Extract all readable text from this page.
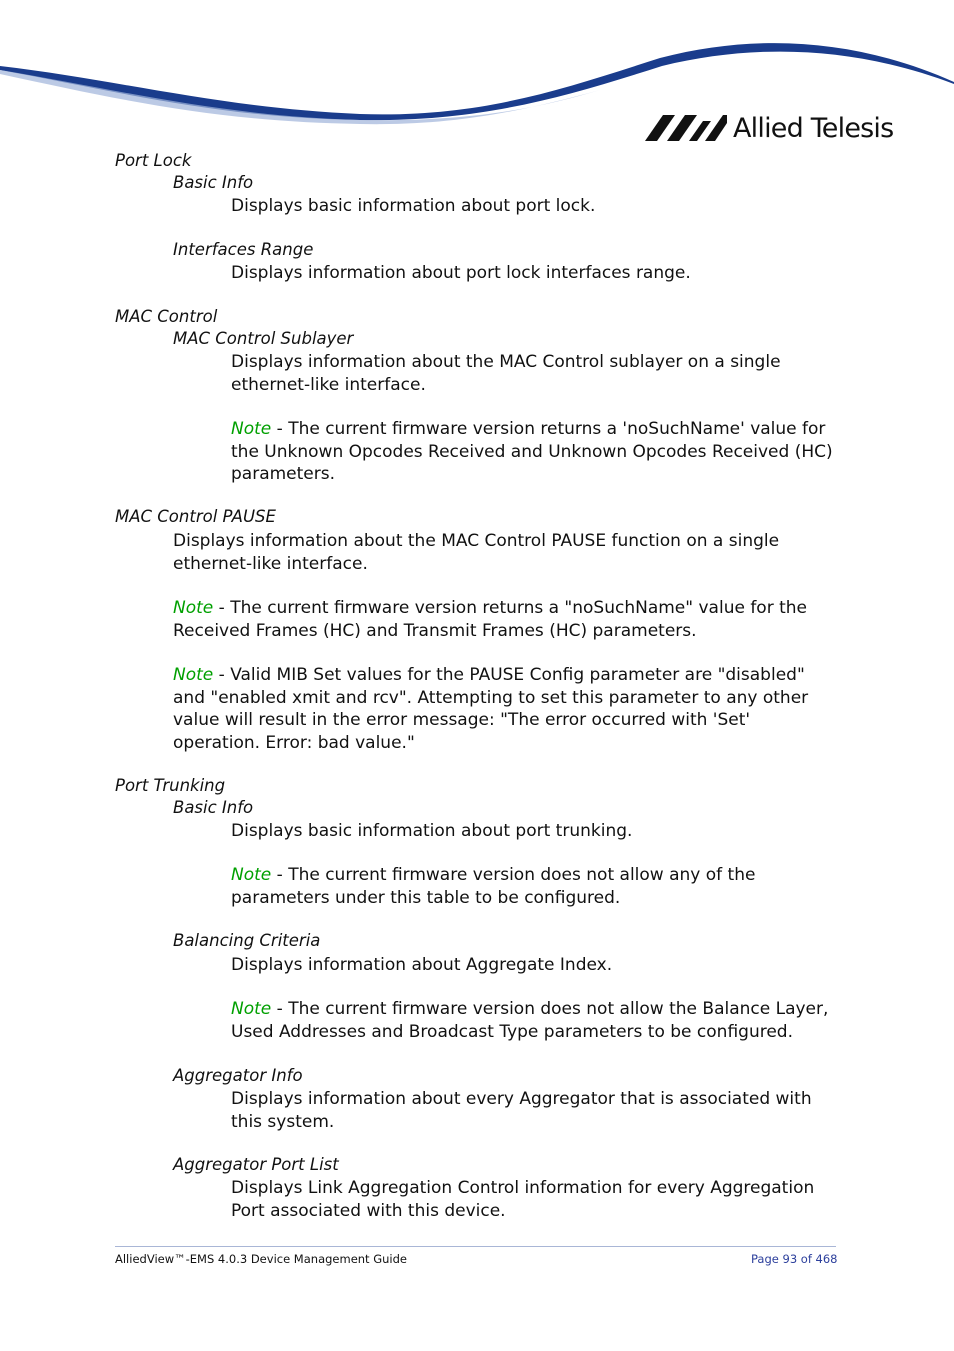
Allied Telesis
Port Lock
Basic Info
Displays basic information about port lock.
Interfaces Range
Displays information about port lock interfaces range.
MAC Control
MAC Control Sublayer
Displays information about the MAC Control sublayer on a single ethernet-like interface.
Note - The current firmware version returns a 'noSuchName' value for the Unknown Opcodes Received and Unknown Opcodes Received (HC) parameters.
MAC Control PAUSE
Displays information about the MAC Control PAUSE function on a single ethernet-like interface.
Note - The current firmware version returns a "noSuchName" value for the Received Frames (HC) and Transmit Frames (HC) parameters.
Note - Valid MIB Set values for the PAUSE Config parameter are "disabled" and "enabled xmit and rcv". Attempting to set this parameter to any other value will result in the error message: "The error occurred with 'Set' operation. Error: bad value."
Port Trunking
Basic Info
Displays basic information about port trunking.
Note - The current firmware version does not allow any of the parameters under this table to be configured.
Balancing Criteria
Displays information about Aggregate Index.
Note - The current firmware version does not allow the Balance Layer, Used Addresses and Broadcast Type parameters to be configured.
Aggregator Info
Displays information about every Aggregator that is associated with this system.
Aggregator Port List
Displays Link Aggregation Control information for every Aggregation Port associated with this device.
AlliedView™-EMS 4.0.3 Device Management Guide	Page 93 of 468
